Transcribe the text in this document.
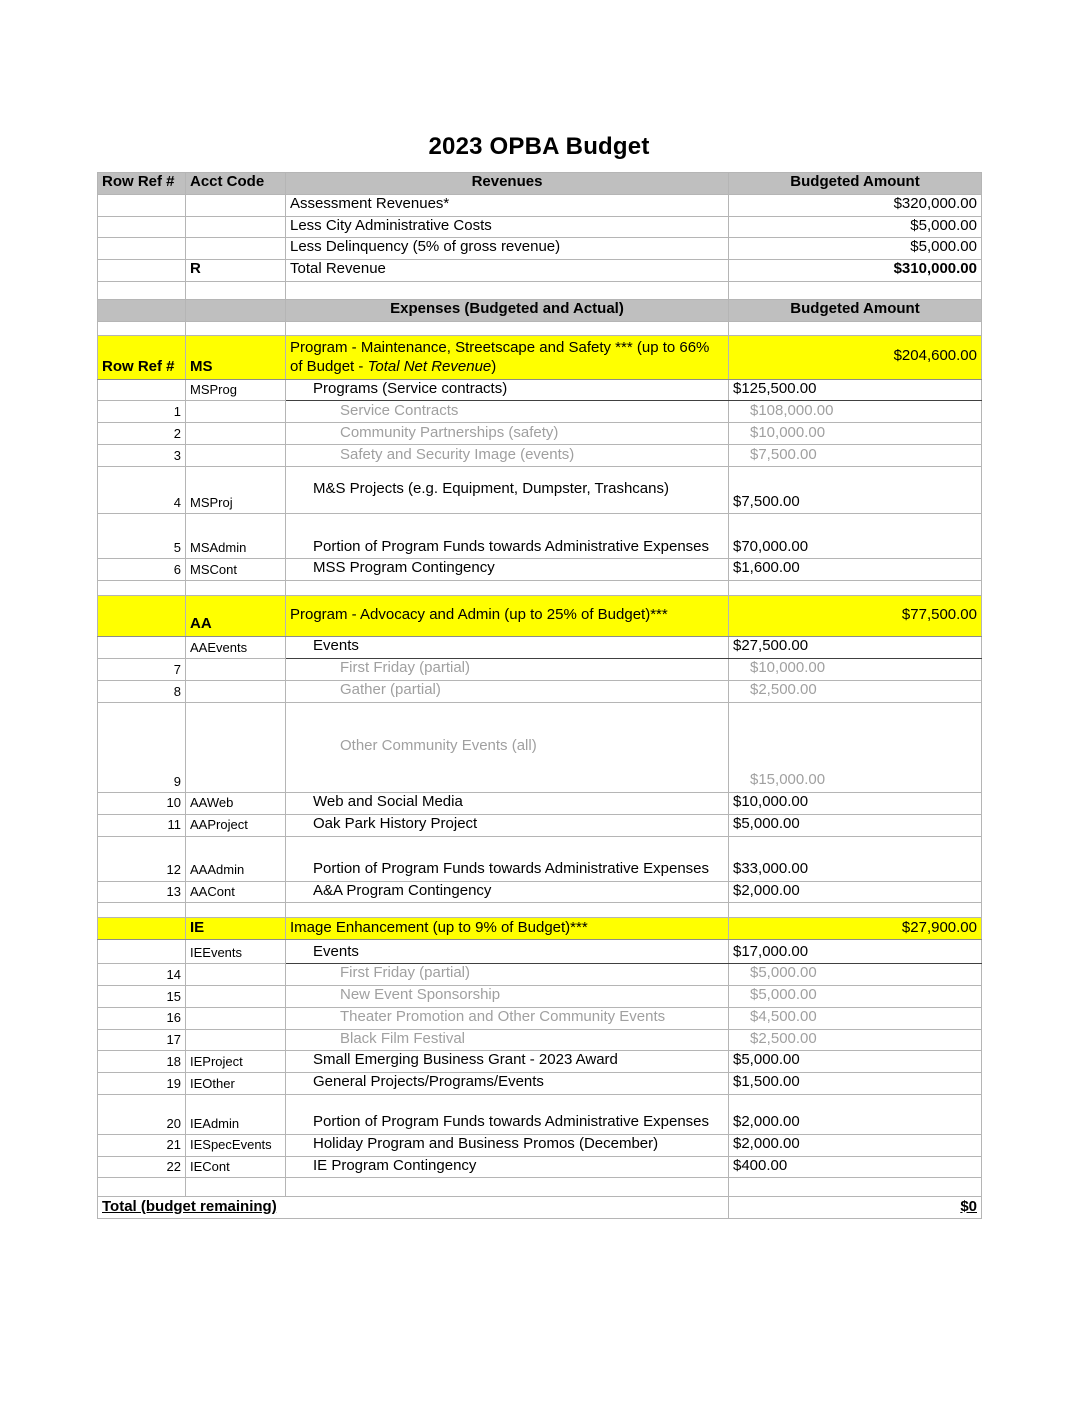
2023 OPBA Budget
Row Ref #	Acct Code	Revenues	Budgeted Amount
		Assessment Revenues*	$320,000.00
		Less City Administrative Costs	$5,000.00
		Less Delinquency (5% of gross revenue)	$5,000.00
	R	Total Revenue	$310,000.00

		Expenses (Budgeted and Actual)	Budgeted Amount

Row Ref #	MS	Program - Maintenance, Streetscape and Safety *** (up to 66% of Budget - Total Net Revenue)	$204,600.00
	MSProg	Programs (Service contracts)	$125,500.00
1		Service Contracts	$108,000.00
2		Community Partnerships (safety)	$10,000.00
3		Safety and Security Image (events)	$7,500.00
4	MSProj	M&S Projects (e.g. Equipment, Dumpster, Trashcans)	$7,500.00
5	MSAdmin	Portion of Program Funds towards Administrative Expenses	$70,000.00
6	MSCont	MSS Program Contingency	$1,600.00

	AA	Program - Advocacy and Admin (up to 25% of Budget)***	$77,500.00
	AAEvents	Events	$27,500.00
7		First Friday (partial)	$10,000.00
8		Gather (partial)	$2,500.00
9		Other Community Events (all)	$15,000.00
10	AAWeb	Web and Social Media	$10,000.00
11	AAProject	Oak Park History Project	$5,000.00
12	AAAdmin	Portion of Program Funds towards Administrative Expenses	$33,000.00
13	AACont	A&A Program Contingency	$2,000.00

	IE	Image Enhancement (up to 9% of Budget)***	$27,900.00
	IEEvents	Events	$17,000.00
14		First Friday (partial)	$5,000.00
15		New Event Sponsorship	$5,000.00
16		Theater Promotion and Other Community Events	$4,500.00
17		Black Film Festival	$2,500.00
18	IEProject	Small Emerging Business Grant - 2023 Award	$5,000.00
19	IEOther	General Projects/Programs/Events	$1,500.00
20	IEAdmin	Portion of Program Funds towards Administrative Expenses	$2,000.00
21	IESpecEvents	Holiday Program and Business Promos (December)	$2,000.00
22	IECont	IE Program Contingency	$400.00

Total (budget remaining)			$0
